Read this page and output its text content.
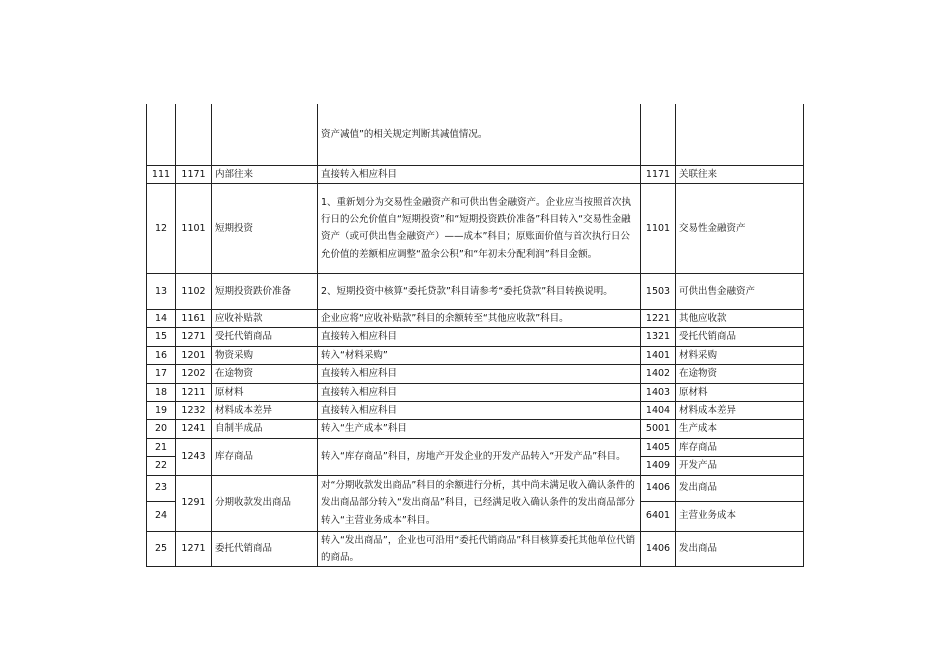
			资产减值”的相关规定判断其减值情况。		
111	1171	内部往来	直接转入相应科目	1171	关联往来
12	1101	短期投资	1、重新划分为交易性金融资产和可供出售金融资产。企业应当按照首次执行日的公允价值自“短期投资”和“短期投资跌价准备”科目转入“交易性金融资产（或可供出售金融资产）——成本”科目；原账面价值与首次执行日公允价值的差额相应调整“盈余公积”和“年初未分配利润”科目金额。	1101	交易性金融资产
13	1102	短期投资跌价准备	2、短期投资中核算“委托贷款”科目请参考“委托贷款”科目转换说明。	1503	可供出售金融资产
14	1161	应收补贴款	企业应将“应收补贴款”科目的余额转至“其他应收款”科目。	1221	其他应收款
15	1271	受托代销商品	直接转入相应科目	1321	受托代销商品
16	1201	物资采购	转入“材料采购”	1401	材料采购
17	1202	在途物资	直接转入相应科目	1402	在途物资
18	1211	原材料	直接转入相应科目	1403	原材料
19	1232	材料成本差异	直接转入相应科目	1404	材料成本差异
20	1241	自制半成品	转入“生产成本”科目	5001	生产成本
21	1243	库存商品	转入“库存商品”科目，房地产开发企业的开发产品转入“开发产品”科目。	1405	库存商品
22				1409	开发产品
23	1291	分期收款发出商品	对“分期收款发出商品”科目的余额进行分析，其中尚未满足收入确认条件的发出商品部分转入“发出商品”科目，已经满足收入确认条件的发出商品部分转入“主营业务成本”科目。	1406	发出商品
24				6401	主营业务成本
25	1271	委托代销商品	转入“发出商品”，企业也可沿用“委托代销商品”科目核算委托其他单位代销的商品。	1406	发出商品
